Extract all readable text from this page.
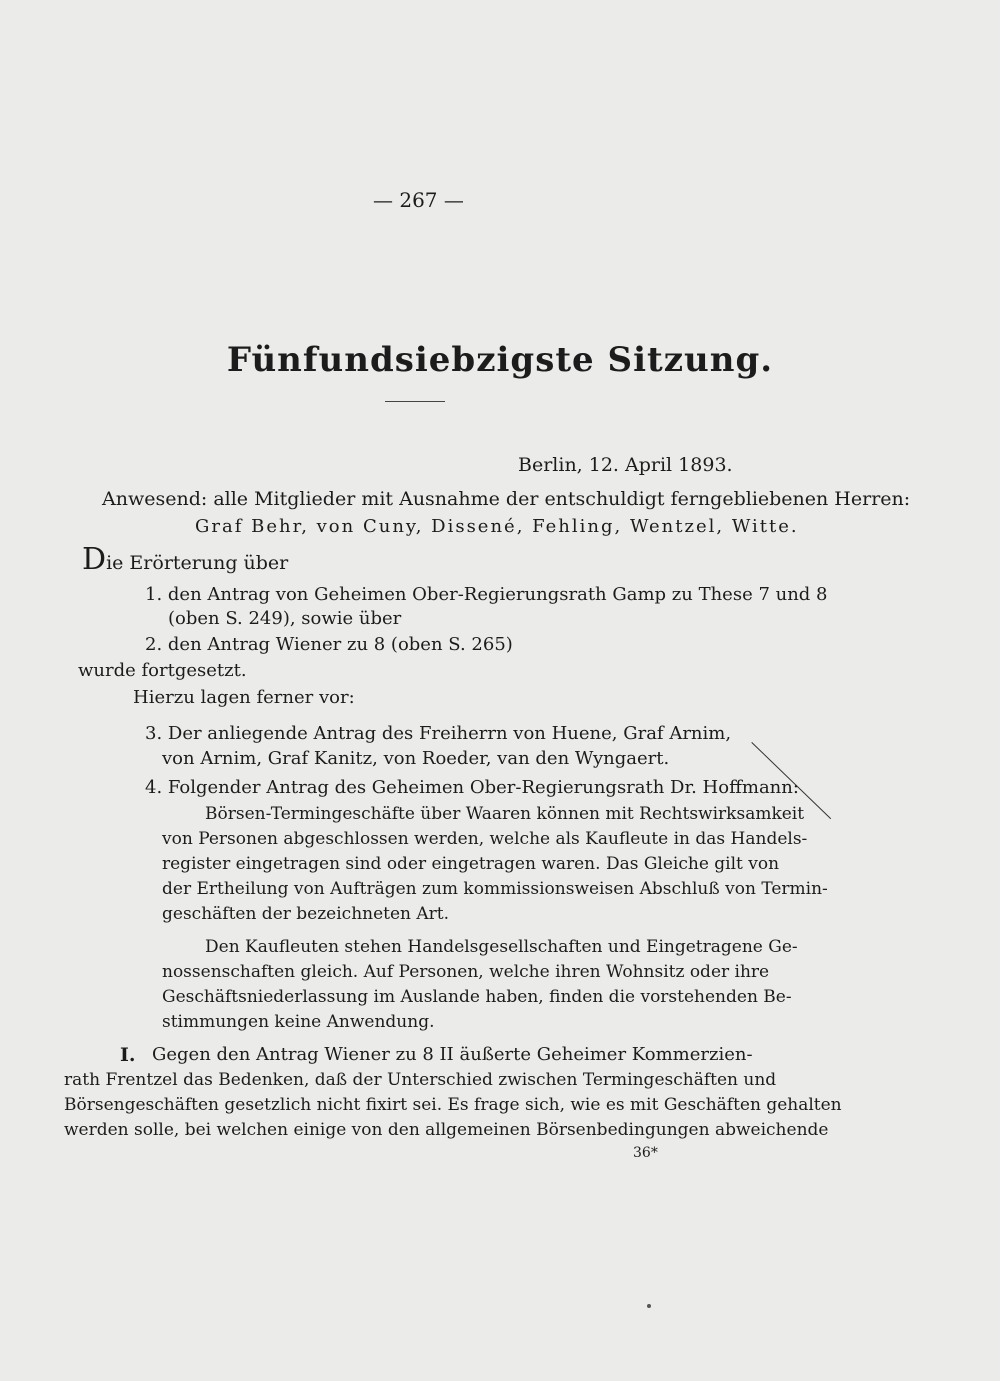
— 267 —
Fünfundsiebzigste Sitzung.
Berlin, 12. April 1893.
Anwesend: alle Mitglieder mit Ausnahme der entschuldigt ferngebliebenen Herren:
Graf Behr, von Cuny, Dissené, Fehling, Wentzel, Witte.
Die Erörterung über
1. den Antrag von Geheimen Ober-Regierungsrath Gamp zu These 7 und 8
(oben S. 249), sowie über
2. den Antrag Wiener zu 8 (oben S. 265)
wurde fortgesetzt.
Hierzu lagen ferner vor:
3. Der anliegende Antrag des Freiherrn von Huene, Graf Arnim,
von Arnim, Graf Kanitz, von Roeder, van den Wyngaert.
4. Folgender Antrag des Geheimen Ober-Regierungsrath Dr. Hoffmann:
Börsen-Termingeschäfte über Waaren können mit Rechtswirksamkeit
von Personen abgeschlossen werden, welche als Kaufleute in das Handels-
register eingetragen sind oder eingetragen waren. Das Gleiche gilt von
der Ertheilung von Aufträgen zum kommissionsweisen Abschluß von Termin-
geschäften der bezeichneten Art.
Den Kaufleuten stehen Handelsgesellschaften und Eingetragene Ge-
nossenschaften gleich. Auf Personen, welche ihren Wohnsitz oder ihre
Geschäftsniederlassung im Auslande haben, finden die vorstehenden Be-
stimmungen keine Anwendung.
I. Gegen den Antrag Wiener zu 8 II äußerte Geheimer Kommerzien-
rath Frentzel das Bedenken, daß der Unterschied zwischen Termingeschäften und
Börsengeschäften gesetzlich nicht fixirt sei. Es frage sich, wie es mit Geschäften gehalten
werden solle, bei welchen einige von den allgemeinen Börsenbedingungen abweichende
36*
